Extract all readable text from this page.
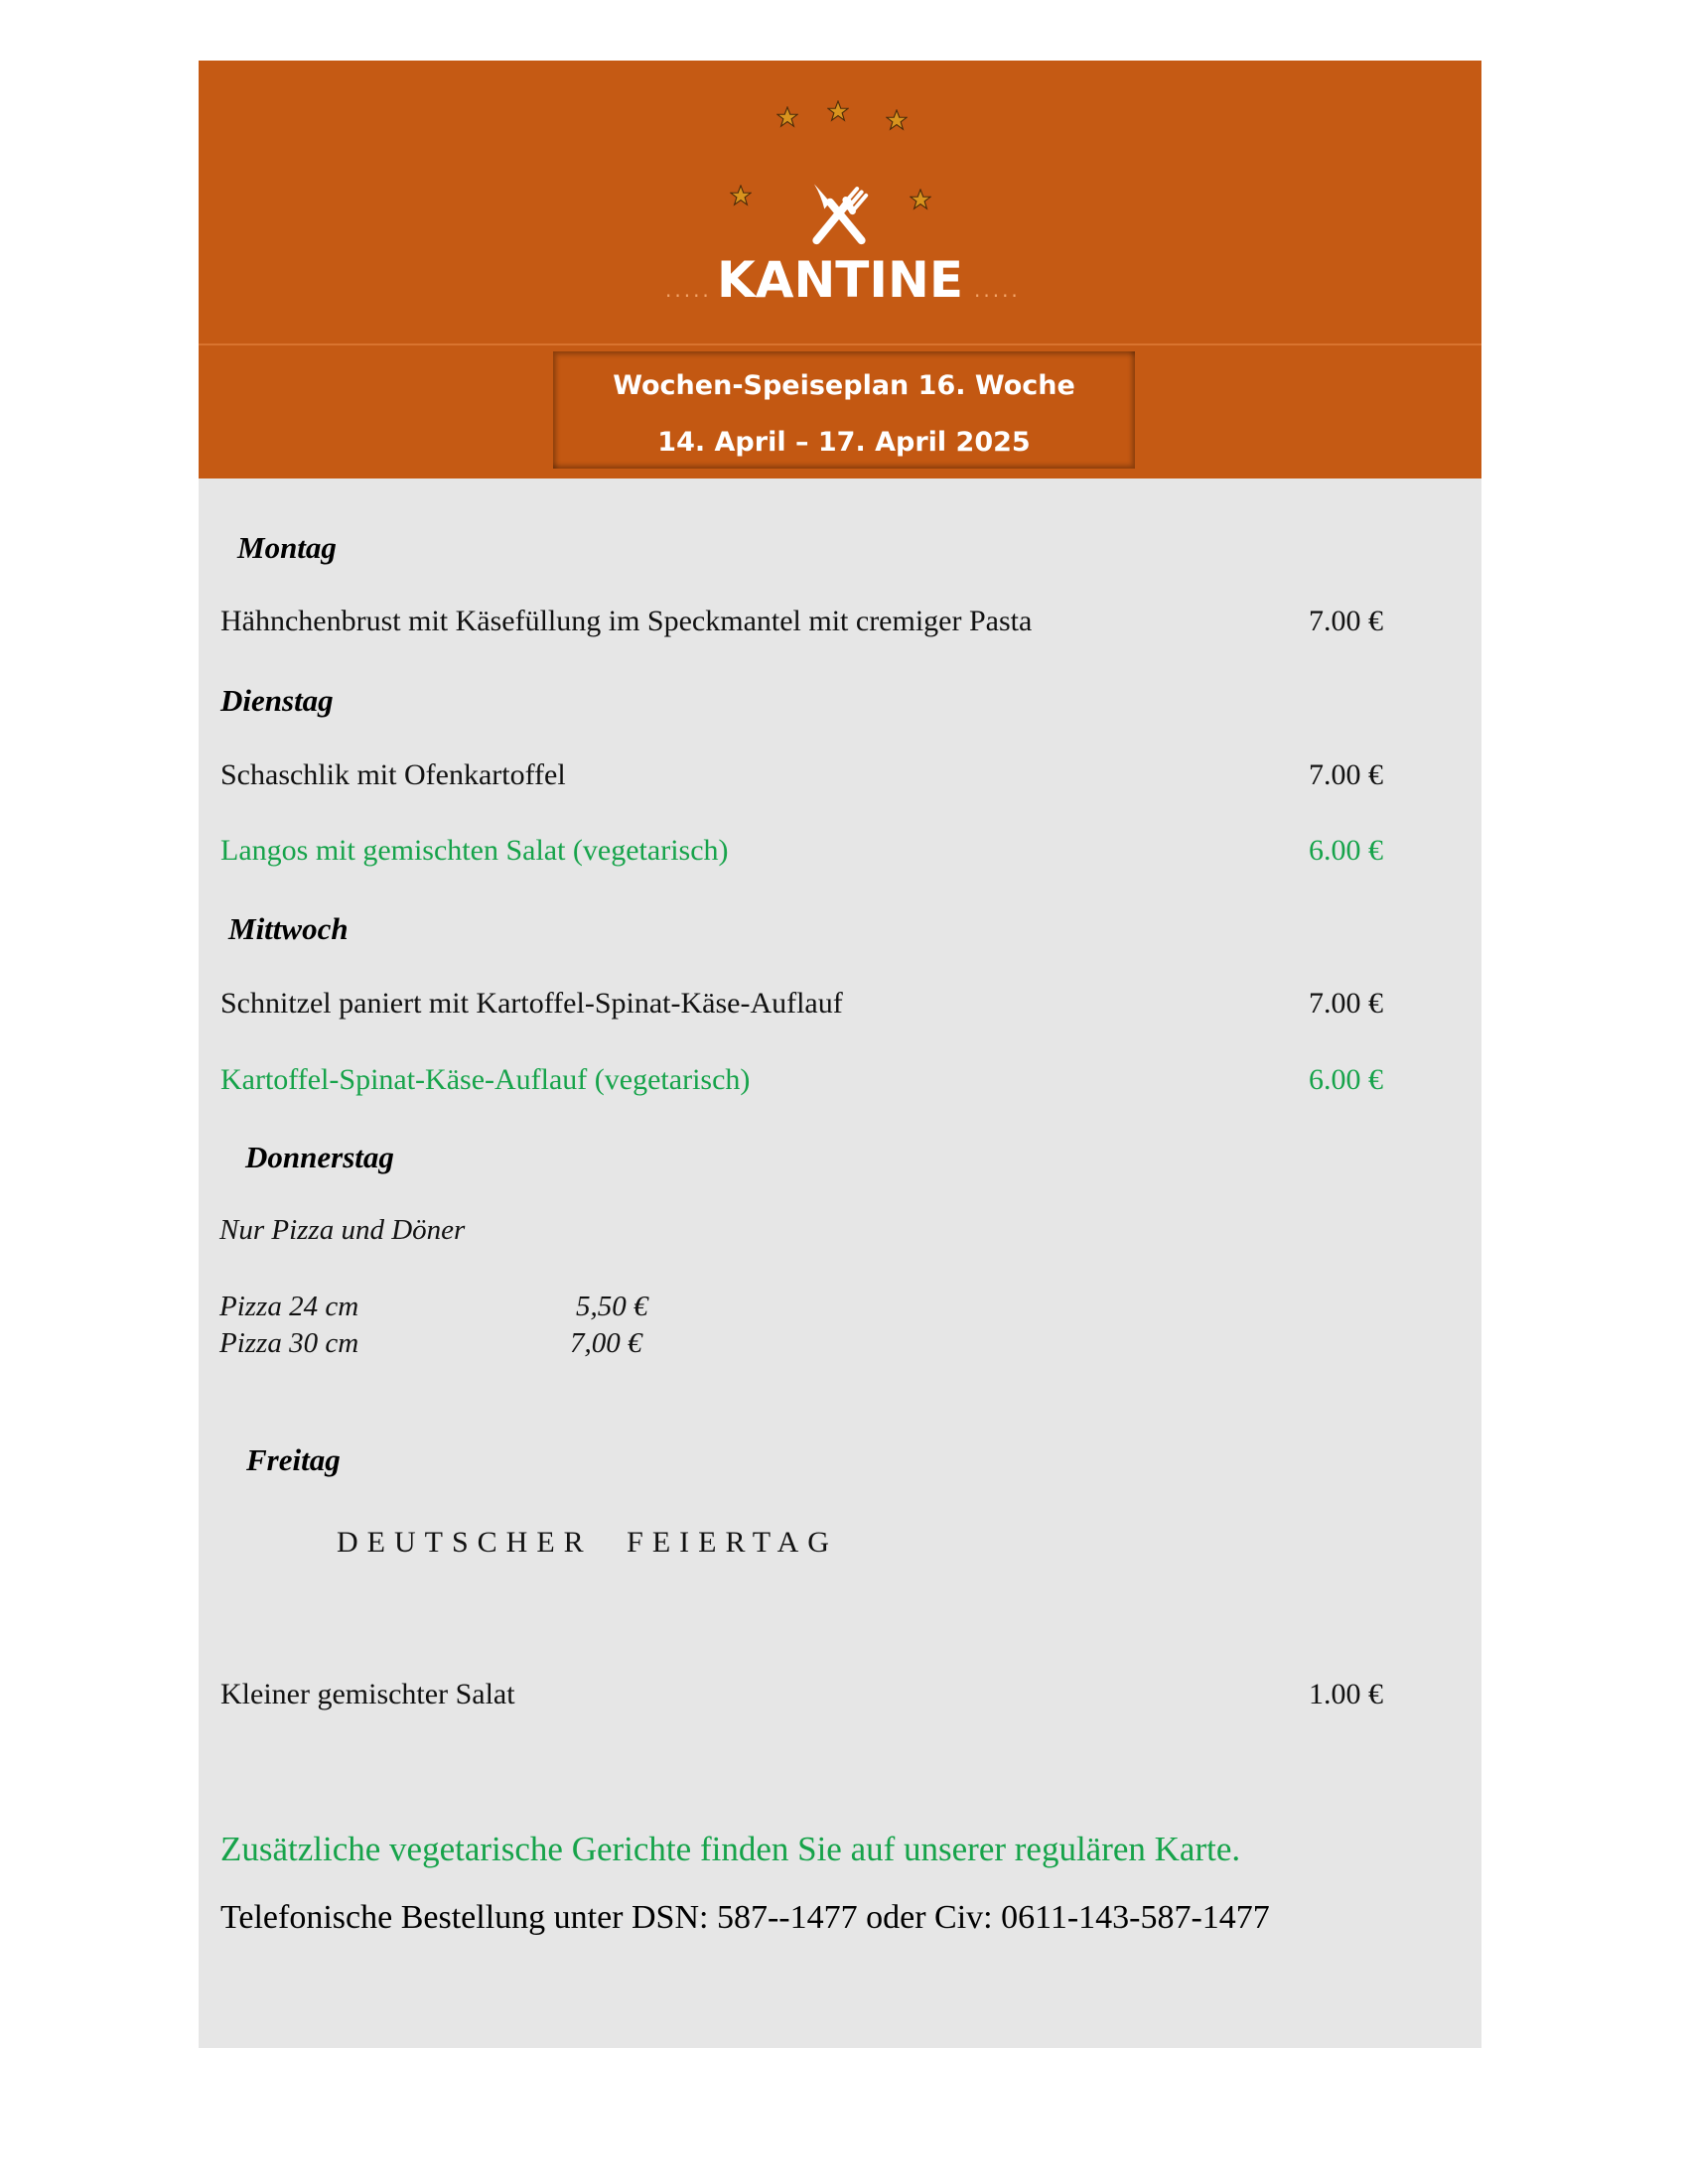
····· KANTINE ·····
Wochen-Speiseplan 16. Woche
14. April – 17. April 2025
Montag
Hähnchenbrust mit Käsefüllung im Speckmantel mit cremiger Pasta	7.00 €
Dienstag
Schaschlik mit Ofenkartoffel	7.00 €
Langos mit gemischten Salat (vegetarisch)	6.00 €
Mittwoch
Schnitzel paniert mit Kartoffel-Spinat-Käse-Auflauf	7.00 €
Kartoffel-Spinat-Käse-Auflauf (vegetarisch)	6.00 €
Donnerstag
Nur Pizza und Döner
Pizza 24 cm	5,50 €
Pizza 30 cm	7,00 €
Freitag
DEUTSCHER FEIERTAG
Kleiner gemischter Salat	1.00 €
Zusätzliche vegetarische Gerichte finden Sie auf unserer regulären Karte.
Telefonische Bestellung unter DSN: 587--1477 oder Civ: 0611-143-587-1477
